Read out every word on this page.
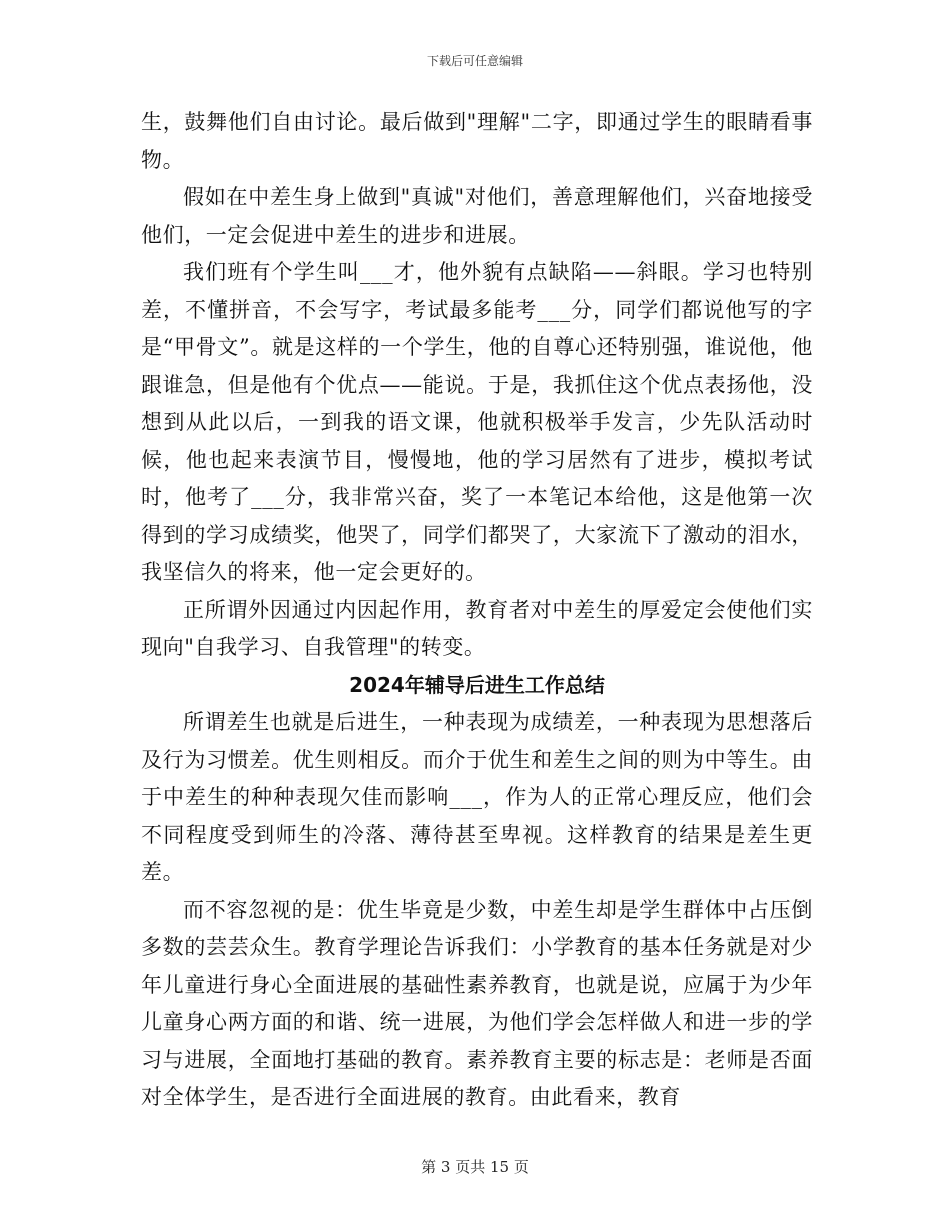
下载后可任意编辑

生，鼓舞他们自由讨论。最后做到"理解"二字，即通过学生的眼睛看事物。

假如在中差生身上做到"真诚"对他们，善意理解他们，兴奋地接受他们，一定会促进中差生的进步和进展。

我们班有个学生叫___才，他外貌有点缺陷——斜眼。学习也特别差，不懂拼音，不会写字，考试最多能考___分，同学们都说他写的字是“甲骨文”。就是这样的一个学生，他的自尊心还特别强，谁说他，他跟谁急，但是他有个优点——能说。于是，我抓住这个优点表扬他，没想到从此以后，一到我的语文课，他就积极举手发言，少先队活动时候，他也起来表演节目，慢慢地，他的学习居然有了进步，模拟考试时，他考了___分，我非常兴奋，奖了一本笔记本给他，这是他第一次得到的学习成绩奖，他哭了，同学们都哭了，大家流下了激动的泪水，我坚信久的将来，他一定会更好的。

正所谓外因通过内因起作用，教育者对中差生的厚爱定会使他们实现向"自我学习、自我管理"的转变。

2024年辅导后进生工作总结

所谓差生也就是后进生，一种表现为成绩差，一种表现为思想落后及行为习惯差。优生则相反。而介于优生和差生之间的则为中等生。由于中差生的种种表现欠佳而影响___，作为人的正常心理反应，他们会不同程度受到师生的冷落、薄待甚至卑视。这样教育的结果是差生更差。

而不容忽视的是：优生毕竟是少数，中差生却是学生群体中占压倒多数的芸芸众生。教育学理论告诉我们：小学教育的基本任务就是对少年儿童进行身心全面进展的基础性素养教育，也就是说，应属于为少年儿童身心两方面的和谐、统一进展，为他们学会怎样做人和进一步的学习与进展，全面地打基础的教育。素养教育主要的标志是：老师是否面对全体学生，是否进行全面进展的教育。由此看来，教育

第 3 页共 15 页
